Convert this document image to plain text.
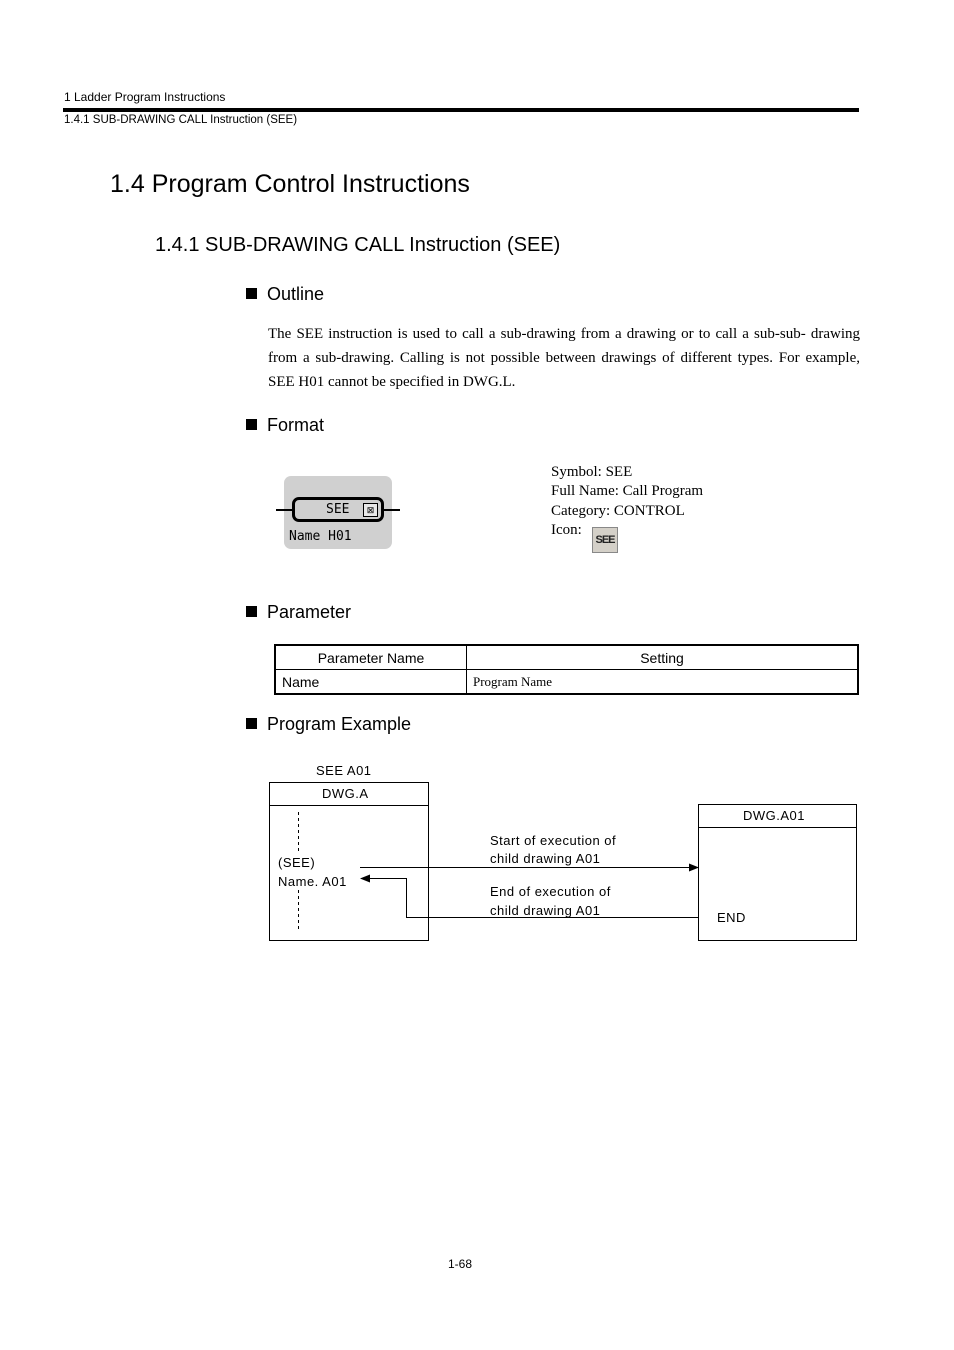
1 Ladder Program Instructions
1.4.1 SUB-DRAWING CALL Instruction (SEE)
1.4 Program Control Instructions
1.4.1 SUB-DRAWING CALL Instruction (SEE)
Outline

The SEE instruction is used to call a sub-drawing from a drawing or to call a sub-sub- drawing from a sub-drawing. Calling is not possible between drawings of different types. For example, SEE H01 cannot be specified in DWG.L.

Format
SEE	⊠
Name H01
Symbol: SEE
Full Name: Call Program
Category: CONTROL
Icon:
SEE
Parameter
Parameter Name	Setting
Name	Program Name
Program Example
SEE A01
DWG.A
(SEE)
Name. A01
Start of execution of
child drawing A01
End of execution of
child drawing A01
DWG.A01
END
1-68
